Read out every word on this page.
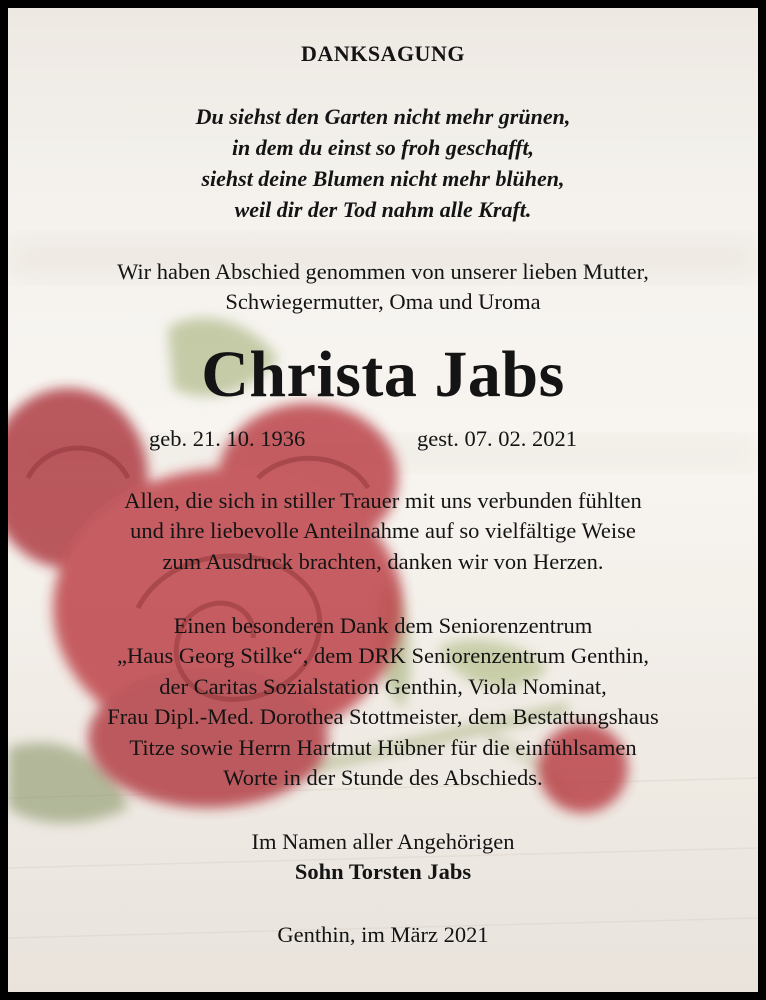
DANKSAGUNG
Du siehst den Garten nicht mehr grünen,
in dem du einst so froh geschafft,
siehst deine Blumen nicht mehr blühen,
weil dir der Tod nahm alle Kraft.
Wir haben Abschied genommen von unserer lieben Mutter,
Schwiegermutter, Oma und Uroma
Christa Jabs
geb. 21. 10. 1936	gest. 07. 02. 2021
Allen, die sich in stiller Trauer mit uns verbunden fühlten
und ihre liebevolle Anteilnahme auf so vielfältige Weise
zum Ausdruck brachten, danken wir von Herzen.
Einen besonderen Dank dem Seniorenzentrum
„Haus Georg Stilke“, dem DRK Seniorenzentrum Genthin,
der Caritas Sozialstation Genthin, Viola Nominat,
Frau Dipl.-Med. Dorothea Stottmeister, dem Bestattungshaus
Titze sowie Herrn Hartmut Hübner für die einfühlsamen
Worte in der Stunde des Abschieds.
Im Namen aller Angehörigen
Sohn Torsten Jabs
Genthin, im März 2021
